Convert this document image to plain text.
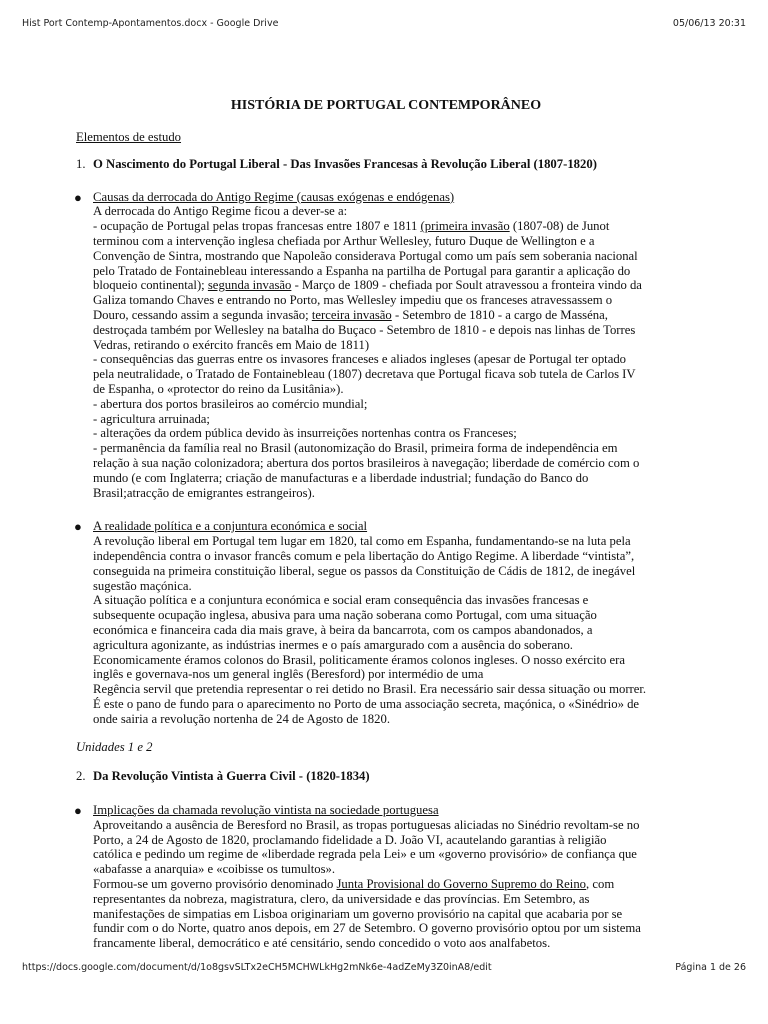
Hist Port Contemp-Apontamentos.docx - Google Drive	05/06/13 20:31
HISTÓRIA DE PORTUGAL CONTEMPORÂNEO
Elementos de estudo
1. O Nascimento do Portugal Liberal - Das Invasões Francesas à Revolução Liberal (1807-1820)
● Causas da derrocada do Antigo Regime (causas exógenas e endógenas)
A derrocada do Antigo Regime ficou a dever-se a:
- ocupação de Portugal pelas tropas francesas entre 1807 e 1811 (primeira invasão (1807-08) de Junot
terminou com a intervenção inglesa chefiada por Arthur Wellesley, futuro Duque de Wellington e a
Convenção de Sintra, mostrando que Napoleão considerava Portugal como um país sem soberania nacional
pelo Tratado de Fontainebleau interessando a Espanha na partilha de Portugal para garantir a aplicação do
bloqueio continental); segunda invasão - Março de 1809 - chefiada por Soult atravessou a fronteira vindo da
Galiza tomando Chaves e entrando no Porto, mas Wellesley impediu que os franceses atravessassem o
Douro, cessando assim a segunda invasão; terceira invasão - Setembro de 1810 - a cargo de Masséna,
destroçada também por Wellesley na batalha do Buçaco - Setembro de 1810 - e depois nas linhas de Torres
Vedras, retirando o exército francês em Maio de 1811)
- consequências das guerras entre os invasores franceses e aliados ingleses (apesar de Portugal ter optado
pela neutralidade, o Tratado de Fontainebleau (1807) decretava que Portugal ficava sob tutela de Carlos IV
de Espanha, o «protector do reino da Lusitânia»).
- abertura dos portos brasileiros ao comércio mundial;
- agricultura arruinada;
- alterações da ordem pública devido às insurreições nortenhas contra os Franceses;
- permanência da família real no Brasil (autonomização do Brasil, primeira forma de independência em
relação à sua nação colonizadora; abertura dos portos brasileiros à navegação; liberdade de comércio com o
mundo (e com Inglaterra; criação de manufacturas e a liberdade industrial; fundação do Banco do
Brasil;atracção de emigrantes estrangeiros).
● A realidade política e a conjuntura económica e social
A revolução liberal em Portugal tem lugar em 1820, tal como em Espanha, fundamentando-se na luta pela
independência contra o invasor francês comum e pela libertação do Antigo Regime. A liberdade “vintista”,
conseguida na primeira constituição liberal, segue os passos da Constituição de Cádis de 1812, de inegável
sugestão maçónica.
A situação política e a conjuntura económica e social eram consequência das invasões francesas e
subsequente ocupação inglesa, abusiva para uma nação soberana como Portugal, com uma situação
económica e financeira cada dia mais grave, à beira da bancarrota, com os campos abandonados, a
agricultura agonizante, as indústrias inermes e o país amargurado com a ausência do soberano.
Economicamente éramos colonos do Brasil, politicamente éramos colonos ingleses. O nosso exército era
inglês e governava-nos um general inglês (Beresford) por intermédio de uma
Regência servil que pretendia representar o rei detido no Brasil. Era necessário sair dessa situação ou morrer.
É este o pano de fundo para o aparecimento no Porto de uma associação secreta, maçónica, o «Sinédrio» de
onde sairia a revolução nortenha de 24 de Agosto de 1820.
Unidades 1 e 2
2. Da Revolução Vintista à Guerra Civil - (1820-1834)
● Implicações da chamada revolução vintista na sociedade portuguesa
Aproveitando a ausência de Beresford no Brasil, as tropas portuguesas aliciadas no Sinédrio revoltam-se no
Porto, a 24 de Agosto de 1820, proclamando fidelidade a D. João VI, acautelando garantias à religião
católica e pedindo um regime de «liberdade regrada pela Lei» e um «governo provisório» de confiança que
«abafasse a anarquia» e «coibisse os tumultos».
Formou-se um governo provisório denominado Junta Provisional do Governo Supremo do Reino, com
representantes da nobreza, magistratura, clero, da universidade e das províncias. Em Setembro, as
manifestações de simpatias em Lisboa originariam um governo provisório na capital que acabaria por se
fundir com o do Norte, quatro anos depois, em 27 de Setembro. O governo provisório optou por um sistema
francamente liberal, democrático e até censitário, sendo concedido o voto aos analfabetos.
https://docs.google.com/document/d/1o8gsvSLTx2eCH5MCHWLkHg2mNk6e-4adZeMy3Z0inA8/edit	Página 1 de 26
